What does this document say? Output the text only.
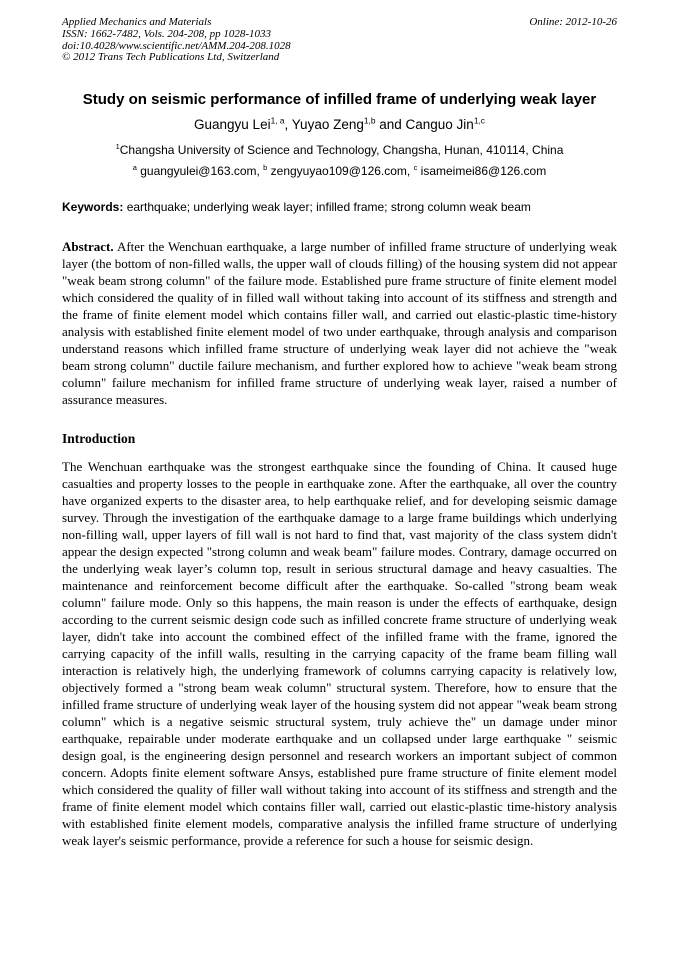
Applied Mechanics and Materials
ISSN: 1662-7482, Vols. 204-208, pp 1028-1033
doi:10.4028/www.scientific.net/AMM.204-208.1028
© 2012 Trans Tech Publications Ltd, Switzerland
Online: 2012-10-26
Study on seismic performance of infilled frame of underlying weak layer
Guangyu Lei$^{1, a}$, Yuyao Zeng$^{1,b}$ and Canguo Jin$^{1,c}$
$^1$Changsha University of Science and Technology, Changsha, Hunan, 410114, China
$^a$ guangyulei@163.com, $^b$ zengyuyao109@126.com, $^c$ isameimei86@126.com
Keywords: earthquake; underlying weak layer; infilled frame; strong column weak beam

Abstract. After the Wenchuan earthquake, a large number of infilled frame structure of underlying weak layer (the bottom of non-filled walls, the upper wall of clouds filling) of the housing system did not appear "weak beam strong column" of the failure mode. Established pure frame structure of finite element model which considered the quality of in filled wall without taking into account of its stiffness and strength and the frame of finite element model which contains filler wall, and carried out elastic-plastic time-history analysis with established finite element model of two under earthquake, through analysis and comparison understand reasons which infilled frame structure of underlying weak layer did not achieve the "weak beam strong column" ductile failure mechanism, and further explored how to achieve "weak beam strong column" failure mechanism for infilled frame structure of underlying weak layer, raised a number of assurance measures.

Introduction

The Wenchuan earthquake was the strongest earthquake since the founding of China. It caused huge casualties and property losses to the people in earthquake zone. After the earthquake, all over the country have organized experts to the disaster area, to help earthquake relief, and for developing seismic damage survey. Through the investigation of the earthquake damage to a large frame buildings which underlying non-filling wall, upper layers of fill wall is not hard to find that, vast majority of the class system didn't appear the design expected "strong column and weak beam" failure modes. Contrary, damage occurred on the underlying weak layer’s column top, result in serious structural damage and heavy casualties. The maintenance and reinforcement become difficult after the earthquake. So-called "strong beam weak column" failure mode. Only so this happens, the main reason is under the effects of earthquake, design according to the current seismic design code such as infilled concrete frame structure of underlying weak layer, didn't take into account the combined effect of the infilled frame with the frame, ignored the carrying capacity of the infill walls, resulting in the carrying capacity of the frame beam filling wall interaction is relatively high, the underlying framework of columns carrying capacity is relatively low, objectively formed a "strong beam weak column" structural system. Therefore, how to ensure that the infilled frame structure of underlying weak layer of the housing system did not appear "weak beam strong column" which is a negative seismic structural system, truly achieve the" un damage under minor earthquake, repairable under moderate earthquake and un collapsed under large earthquake " seismic design goal, is the engineering design personnel and research workers an important subject of common concern. Adopts finite element software Ansys, established pure frame structure of finite element model which considered the quality of filler wall without taking into account of its stiffness and strength and the frame of finite element model which contains filler wall, carried out elastic-plastic time-history analysis with established finite element models, comparative analysis the infilled frame structure of underlying weak layer's seismic performance, provide a reference for such a house for seismic design.
